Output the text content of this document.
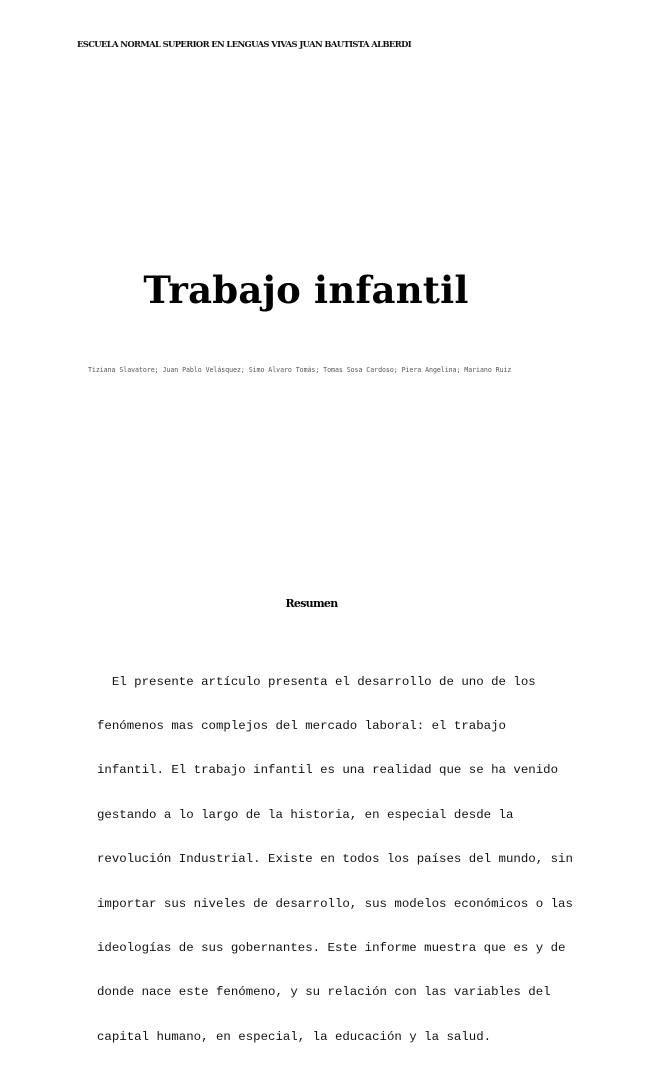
ESCUELA NORMAL SUPERIOR EN LENGUAS VIVAS JUAN BAUTISTA ALBERDI
Trabajo infantil
Tiziana Slavatore; Juan Pablo Velásquez; Simo Alvaro Tomás; Tomas Sosa Cardoso; Piera Angelina; Mariano Ruiz
Resumen

El presente artículo presenta el desarrollo de uno de los

fenómenos mas complejos del mercado laboral: el trabajo

infantil. El trabajo infantil es una realidad que se ha venido

gestando a lo largo de la historia, en especial desde la

revolución Industrial. Existe en todos los países del mundo, sin

importar sus niveles de desarrollo, sus modelos económicos o las

ideologías de sus gobernantes. Este informe muestra que es y de

donde nace este fenómeno, y su relación con las variables del

capital humano, en especial, la educación y la salud.
